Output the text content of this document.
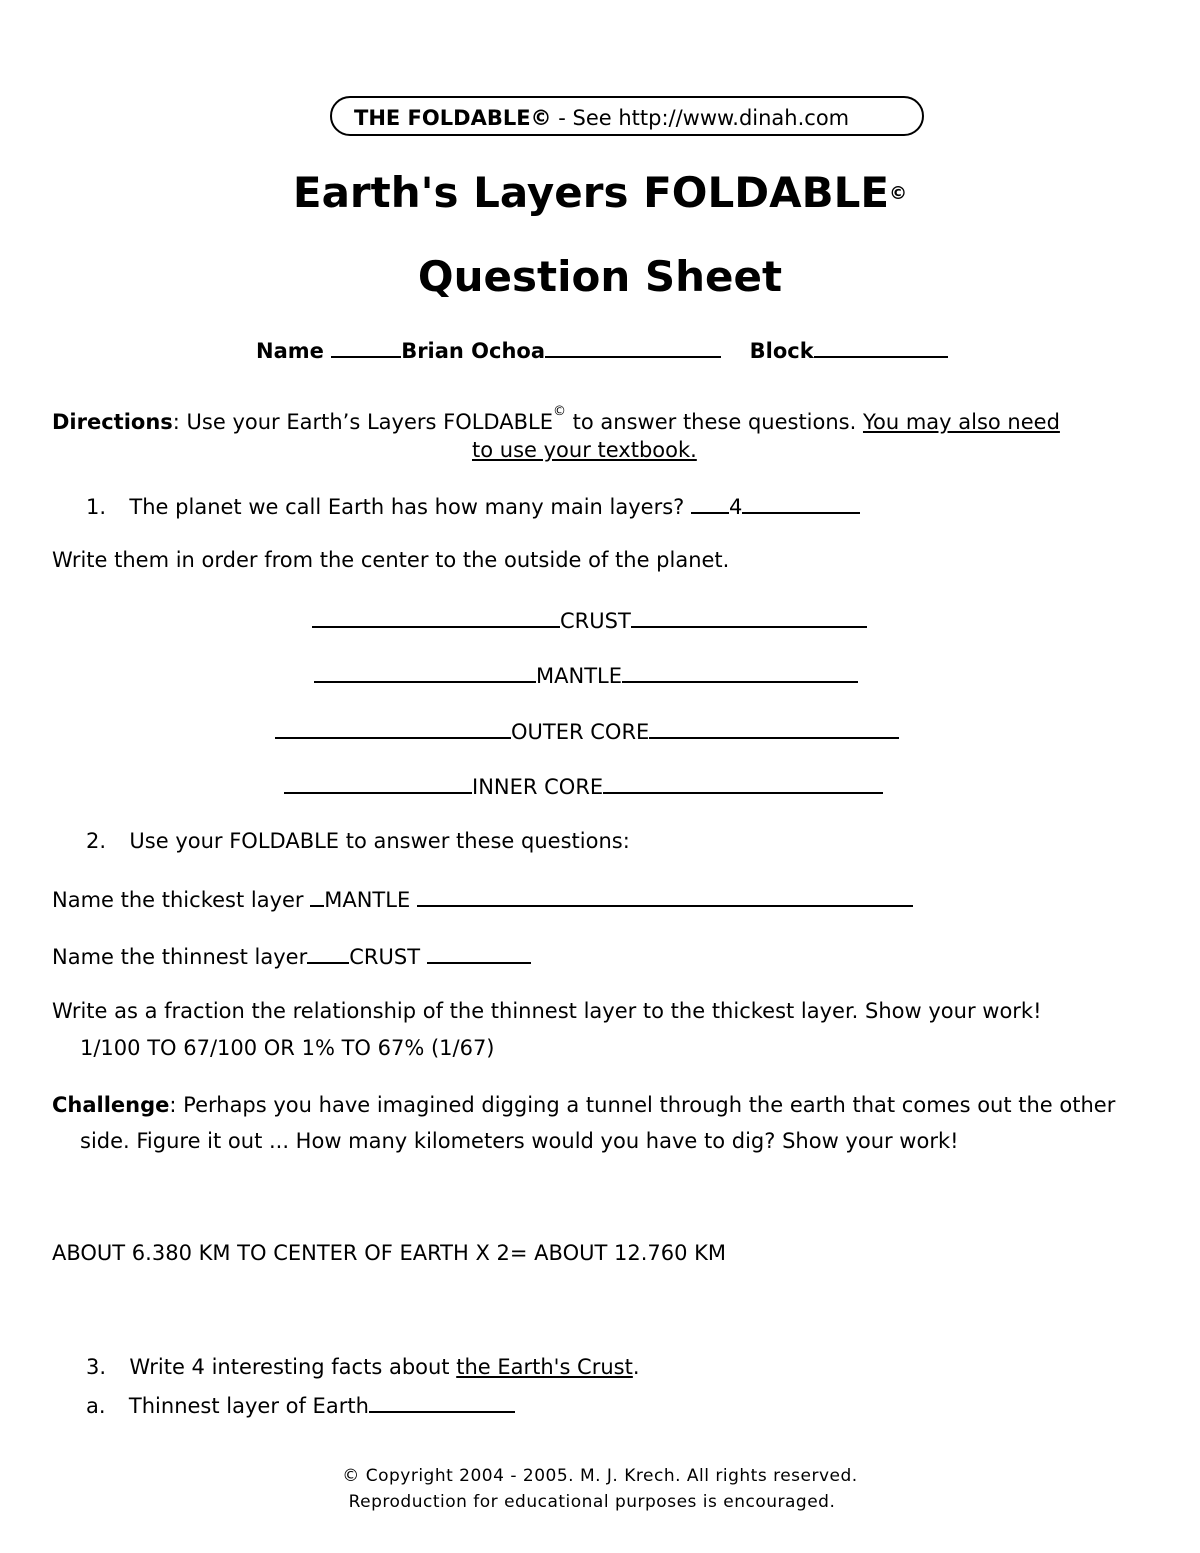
THE FOLDABLE© - See http://www.dinah.com
Earth's Layers FOLDABLE©
Question Sheet
Name	Brian Ochoa	Block
Directions: Use your Earth’s Layers FOLDABLE© to answer these questions. You may also need
to use your textbook.
1. The planet we call Earth has how many main layers? 4
Write them in order from the center to the outside of the planet.
CRUST
MANTLE
OUTER CORE
INNER CORE
2. Use your FOLDABLE to answer these questions:
Name the thickest layer MANTLE
Name the thinnest layer CRUST
Write as a fraction the relationship of the thinnest layer to the thickest layer. Show your work!
1/100 TO 67/100 OR 1% TO 67% (1/67)
Challenge: Perhaps you have imagined digging a tunnel through the earth that comes out the other
side. Figure it out ... How many kilometers would you have to dig? Show your work!
ABOUT 6.380 KM TO CENTER OF EARTH X 2= ABOUT 12.760 KM
3. Write 4 interesting facts about the Earth's Crust.
a. Thinnest layer of Earth
© Copyright 2004 - 2005. M. J. Krech. All rights reserved.
Reproduction for educational purposes is encouraged.
